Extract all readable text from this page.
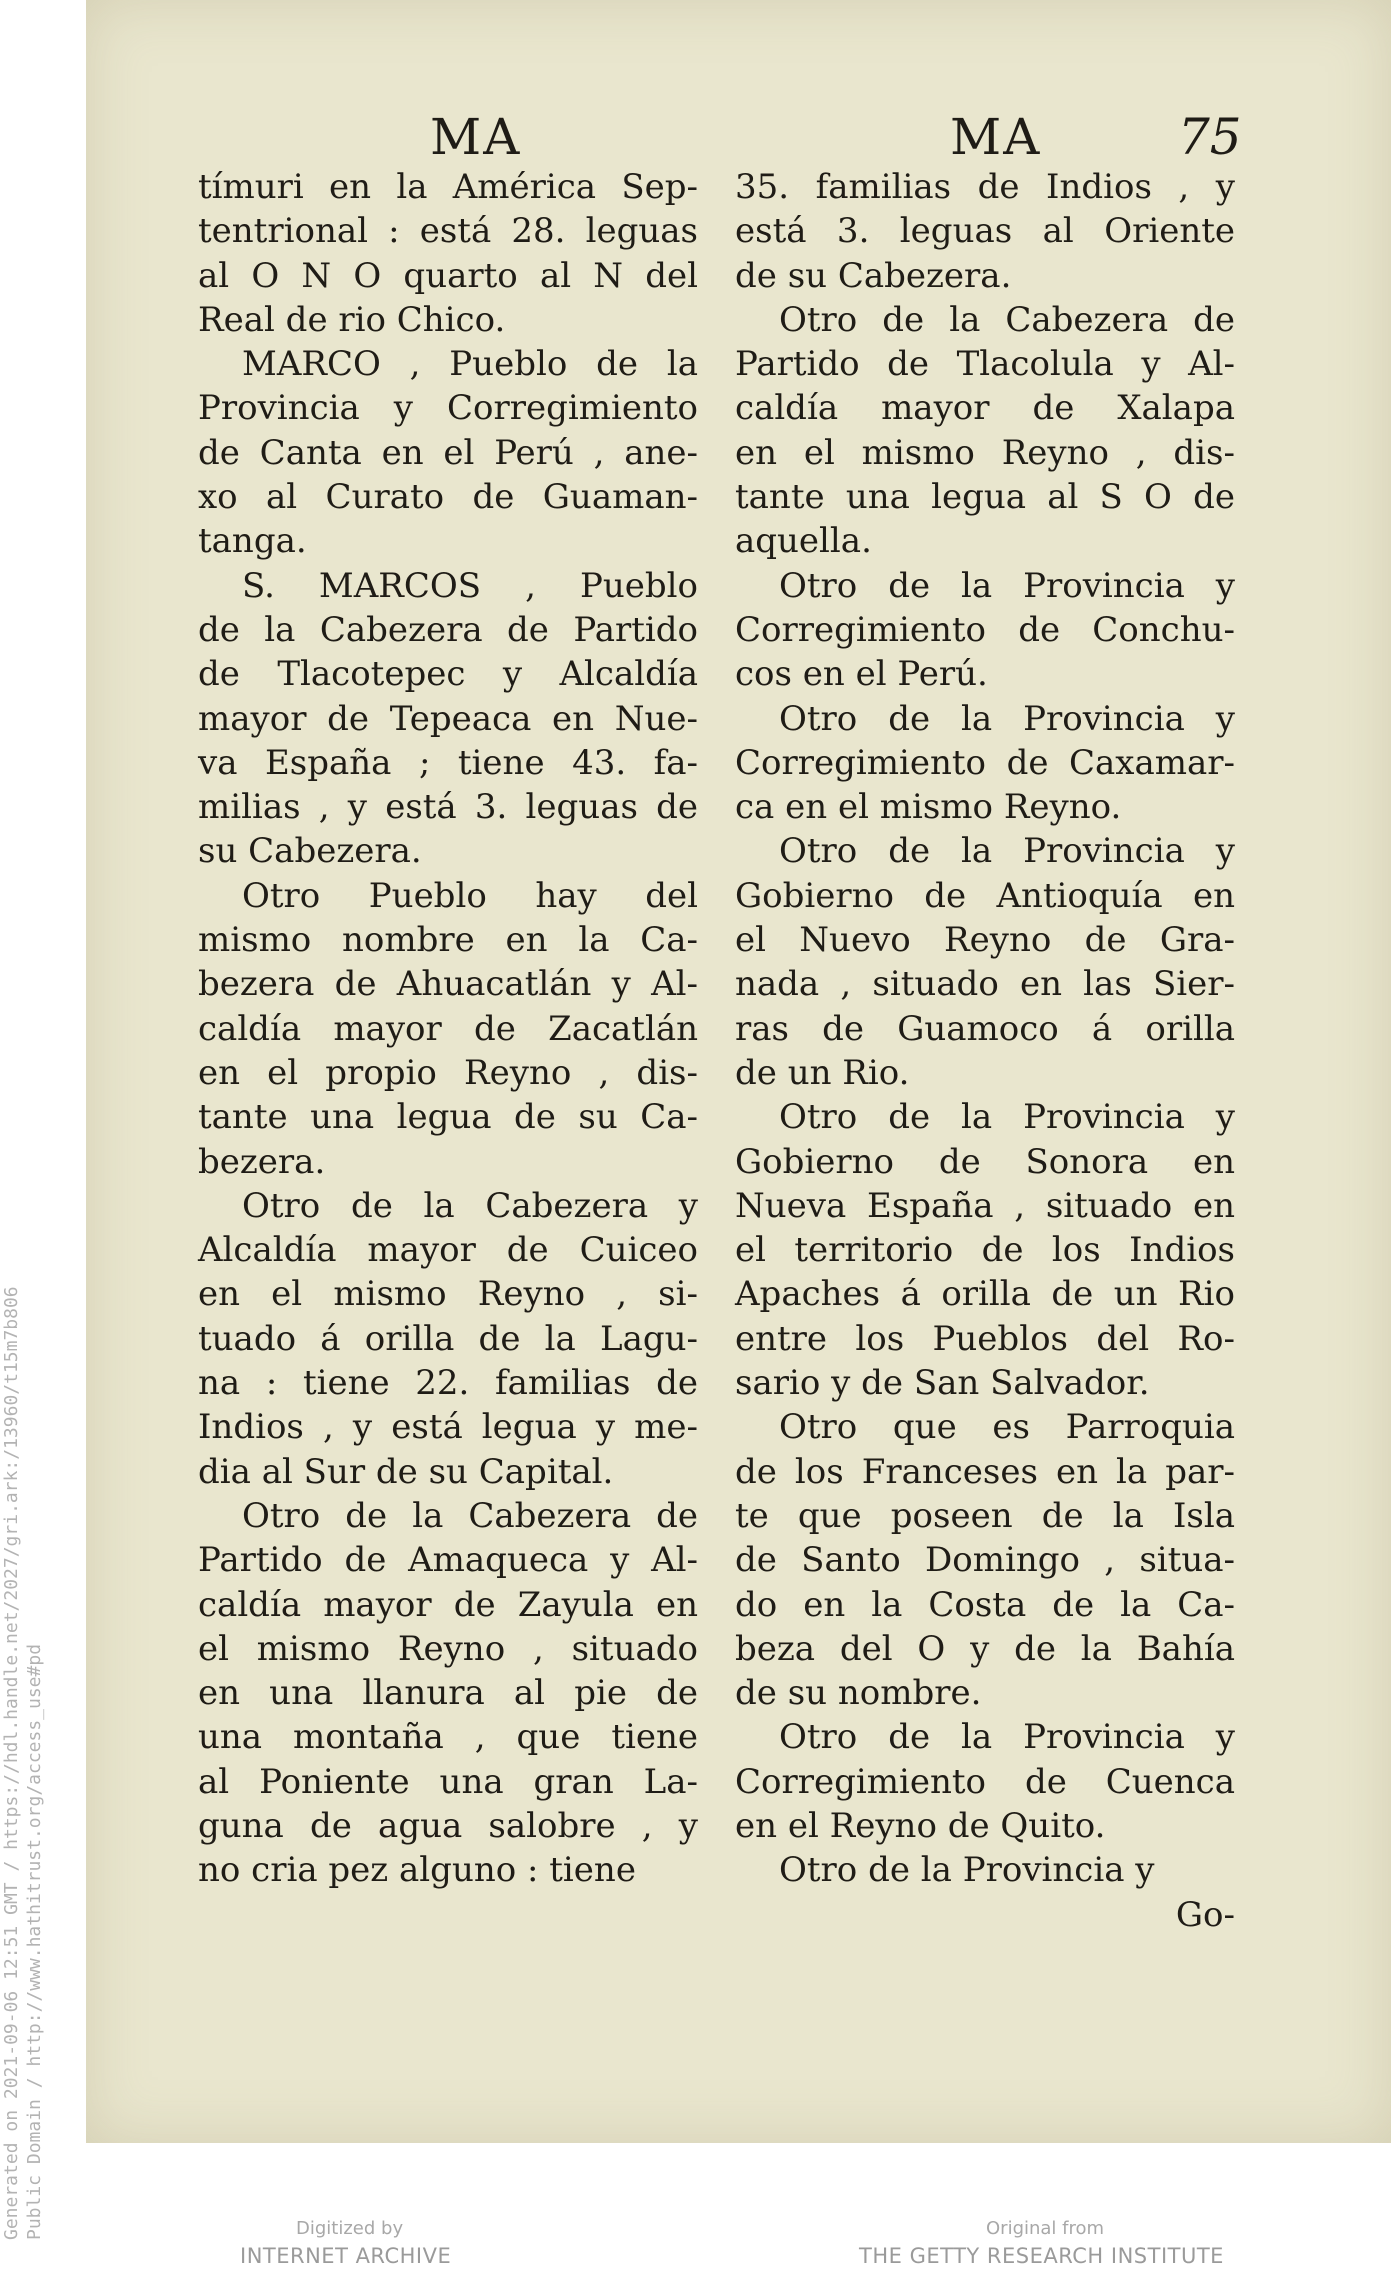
MA	MA	75
tímuri en la América Sep-
tentrional : está 28. leguas
al O N O quarto al N del
Real de rio Chico.
MARCO , Pueblo de la
Provincia y Corregimiento
de Canta en el Perú , ane-
xo al Curato de Guaman-
tanga.
S. MARCOS , Pueblo
de la Cabezera de Partido
de Tlacotepec y Alcaldía
mayor de Tepeaca en Nue-
va España ; tiene 43. fa-
milias , y está 3. leguas de
su Cabezera.
Otro Pueblo hay del
mismo nombre en la Ca-
bezera de Ahuacatlán y Al-
caldía mayor de Zacatlán
en el propio Reyno , dis-
tante una legua de su Ca-
bezera.
Otro de la Cabezera y
Alcaldía mayor de Cuiceo
en el mismo Reyno , si-
tuado á orilla de la Lagu-
na : tiene 22. familias de
Indios , y está legua y me-
dia al Sur de su Capital.
Otro de la Cabezera de
Partido de Amaqueca y Al-
caldía mayor de Zayula en
el mismo Reyno , situado
en una llanura al pie de
una montaña , que tiene
al Poniente una gran La-
guna de agua salobre , y
no cria pez alguno : tiene
35. familias de Indios , y
está 3. leguas al Oriente
de su Cabezera.
Otro de la Cabezera de
Partido de Tlacolula y Al-
caldía mayor de Xalapa
en el mismo Reyno , dis-
tante una legua al S O de
aquella.
Otro de la Provincia y
Corregimiento de Conchu-
cos en el Perú.
Otro de la Provincia y
Corregimiento de Caxamar-
ca en el mismo Reyno.
Otro de la Provincia y
Gobierno de Antioquía en
el Nuevo Reyno de Gra-
nada , situado en las Sier-
ras de Guamoco á orilla
de un Rio.
Otro de la Provincia y
Gobierno de Sonora en
Nueva España , situado en
el territorio de los Indios
Apaches á orilla de un Rio
entre los Pueblos del Ro-
sario y de San Salvador.
Otro que es Parroquia
de los Franceses en la par-
te que poseen de la Isla
de Santo Domingo , situa-
do en la Costa de la Ca-
beza del O y de la Bahía
de su nombre.
Otro de la Provincia y
Corregimiento de Cuenca
en el Reyno de Quito.
Otro de la Provincia y
Go-
Generated on 2021-09-06 12:51 GMT / https://hdl.handle.net/2027/gri.ark:/13960/t15m7b806 Public Domain / http://www.hathitrust.org/access_use#pd	Digitized by
INTERNET ARCHIVE
Original from
THE GETTY RESEARCH INSTITUTE
